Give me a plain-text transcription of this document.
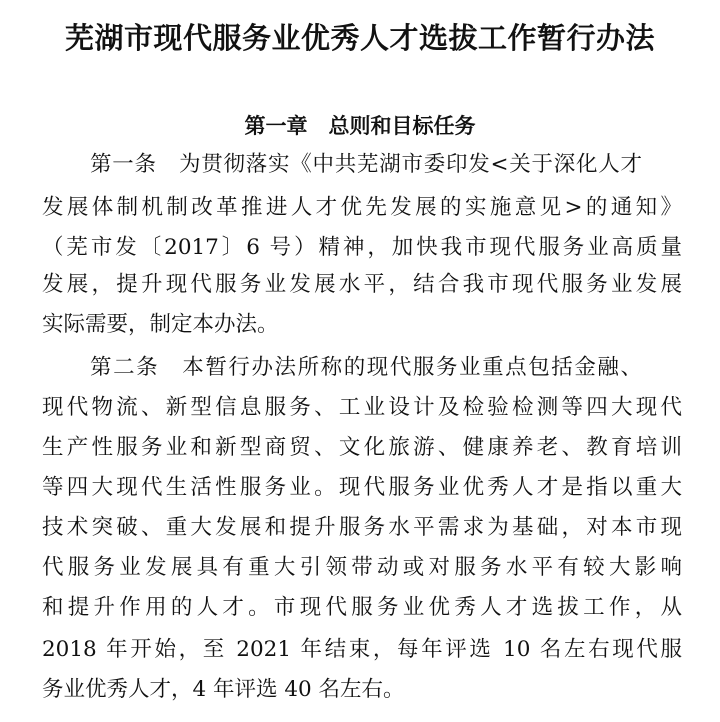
芜湖市现代服务业优秀人才选拔工作暂行办法
第一章　总则和目标任务
第一条　为贯彻落实《中共芜湖市委印发<关于深化人才
发展体制机制改革推进人才优先发展的实施意见>的通知》
（芜市发〔2017〕6 号）精神，加快我市现代服务业高质量
发展，提升现代服务业发展水平，结合我市现代服务业发展
实际需要，制定本办法。
第二条　本暂行办法所称的现代服务业重点包括金融、
现代物流、新型信息服务、工业设计及检验检测等四大现代
生产性服务业和新型商贸、文化旅游、健康养老、教育培训
等四大现代生活性服务业。现代服务业优秀人才是指以重大
技术突破、重大发展和提升服务水平需求为基础，对本市现
代服务业发展具有重大引领带动或对服务水平有较大影响
和提升作用的人才。市现代服务业优秀人才选拔工作，从
2018 年开始，至 2021 年结束，每年评选 10 名左右现代服
务业优秀人才，4 年评选 40 名左右。
